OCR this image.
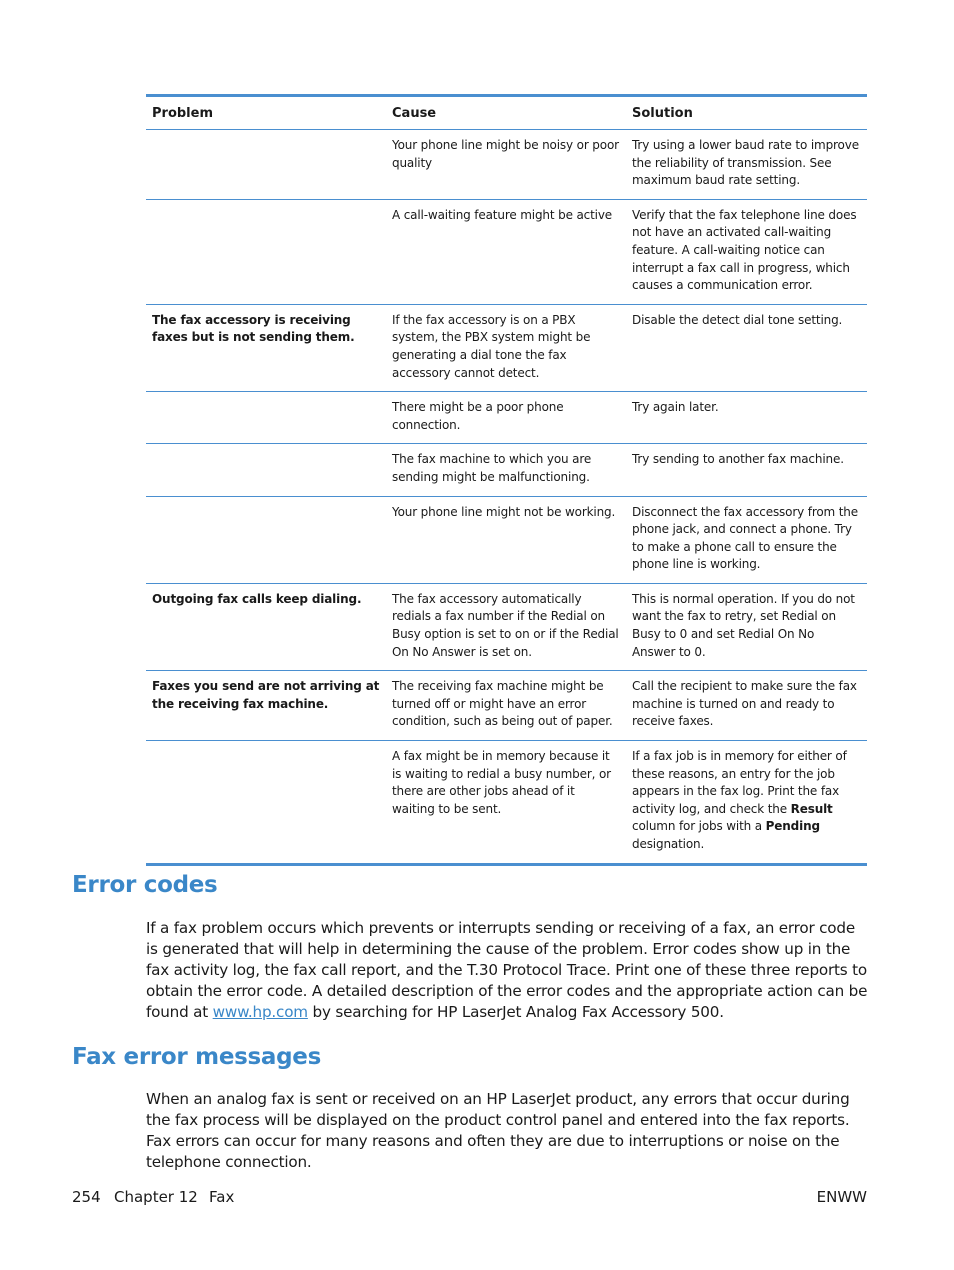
Problem	Cause	Solution
	Your phone line might be noisy or poor quality	Try using a lower baud rate to improve the reliability of transmission. See maximum baud rate setting.
	A call-waiting feature might be active	Verify that the fax telephone line does not have an activated call-waiting feature. A call-waiting notice can interrupt a fax call in progress, which causes a communication error.
The fax accessory is receiving faxes but is not sending them.	If the fax accessory is on a PBX system, the PBX system might be generating a dial tone the fax accessory cannot detect.	Disable the detect dial tone setting.
	There might be a poor phone connection.	Try again later.
	The fax machine to which you are sending might be malfunctioning.	Try sending to another fax machine.
	Your phone line might not be working.	Disconnect the fax accessory from the phone jack, and connect a phone. Try to make a phone call to ensure the phone line is working.
Outgoing fax calls keep dialing.	The fax accessory automatically redials a fax number if the Redial on Busy option is set to on or if the Redial On No Answer is set on.	This is normal operation. If you do not want the fax to retry, set Redial on Busy to 0 and set Redial On No Answer to 0.
Faxes you send are not arriving at the receiving fax machine.	The receiving fax machine might be turned off or might have an error condition, such as being out of paper.	Call the recipient to make sure the fax machine is turned on and ready to receive faxes.
	A fax might be in memory because it is waiting to redial a busy number, or there are other jobs ahead of it waiting to be sent.	If a fax job is in memory for either of these reasons, an entry for the job appears in the fax log. Print the fax activity log, and check the Result column for jobs with a Pending designation.
Error codes

If a fax problem occurs which prevents or interrupts sending or receiving of a fax, an error code is generated that will help in determining the cause of the problem. Error codes show up in the fax activity log, the fax call report, and the T.30 Protocol Trace. Print one of these three reports to obtain the error code. A detailed description of the error codes and the appropriate action can be found at www.hp.com by searching for HP LaserJet Analog Fax Accessory 500.

Fax error messages

When an analog fax is sent or received on an HP LaserJet product, any errors that occur during the fax process will be displayed on the product control panel and entered into the fax reports. Fax errors can occur for many reasons and often they are due to interruptions or noise on the telephone connection.

254 Chapter 12 Fax	ENWW
